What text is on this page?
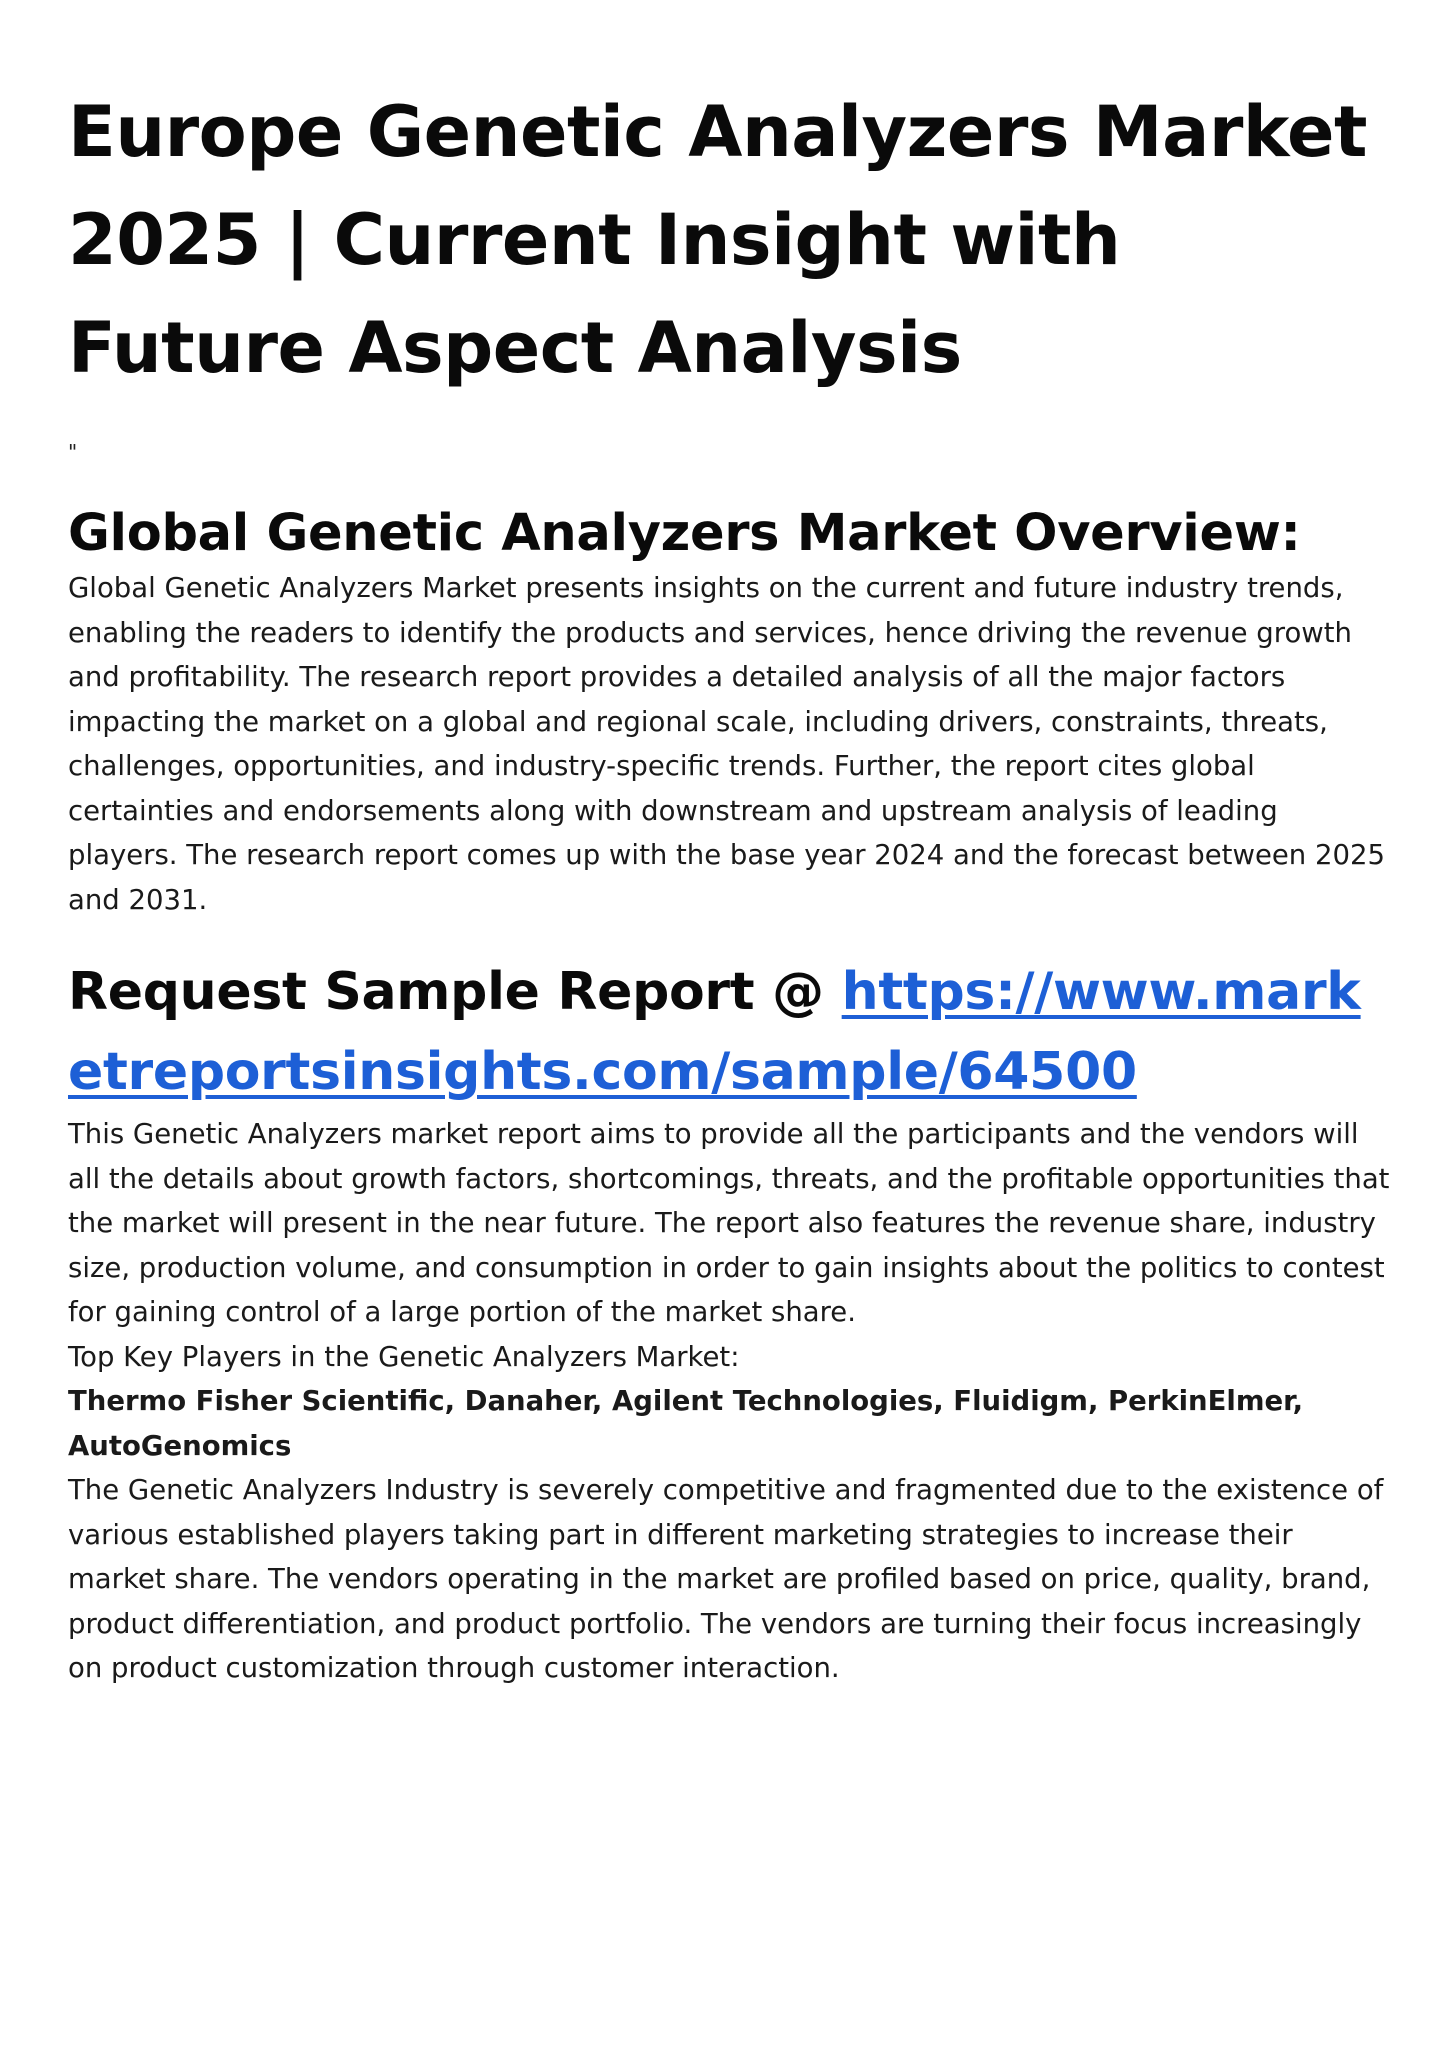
Europe Genetic Analyzers Market 2025 | Current Insight with Future Aspect Analysis
"
Global Genetic Analyzers Market Overview:

Global Genetic Analyzers Market presents insights on the current and future industry trends, enabling the readers to identify the products and services, hence driving the revenue growth and profitability. The research report provides a detailed analysis of all the major factors impacting the market on a global and regional scale, including drivers, constraints, threats, challenges, opportunities, and industry-specific trends. Further, the report cites global certainties and endorsements along with downstream and upstream analysis of leading players. The research report comes up with the base year 2024 and the forecast between 2025 and 2031.

Request Sample Report @ https://www.marketreportsinsights.com/sample/64500

This Genetic Analyzers market report aims to provide all the participants and the vendors will all the details about growth factors, shortcomings, threats, and the profitable opportunities that the market will present in the near future. The report also features the revenue share, industry size, production volume, and consumption in order to gain insights about the politics to contest for gaining control of a large portion of the market share.

Top Key Players in the Genetic Analyzers Market:

Thermo Fisher Scientific, Danaher, Agilent Technologies, Fluidigm, PerkinElmer, AutoGenomics

The Genetic Analyzers Industry is severely competitive and fragmented due to the existence of various established players taking part in different marketing strategies to increase their market share. The vendors operating in the market are profiled based on price, quality, brand, product differentiation, and product portfolio. The vendors are turning their focus increasingly on product customization through customer interaction.
